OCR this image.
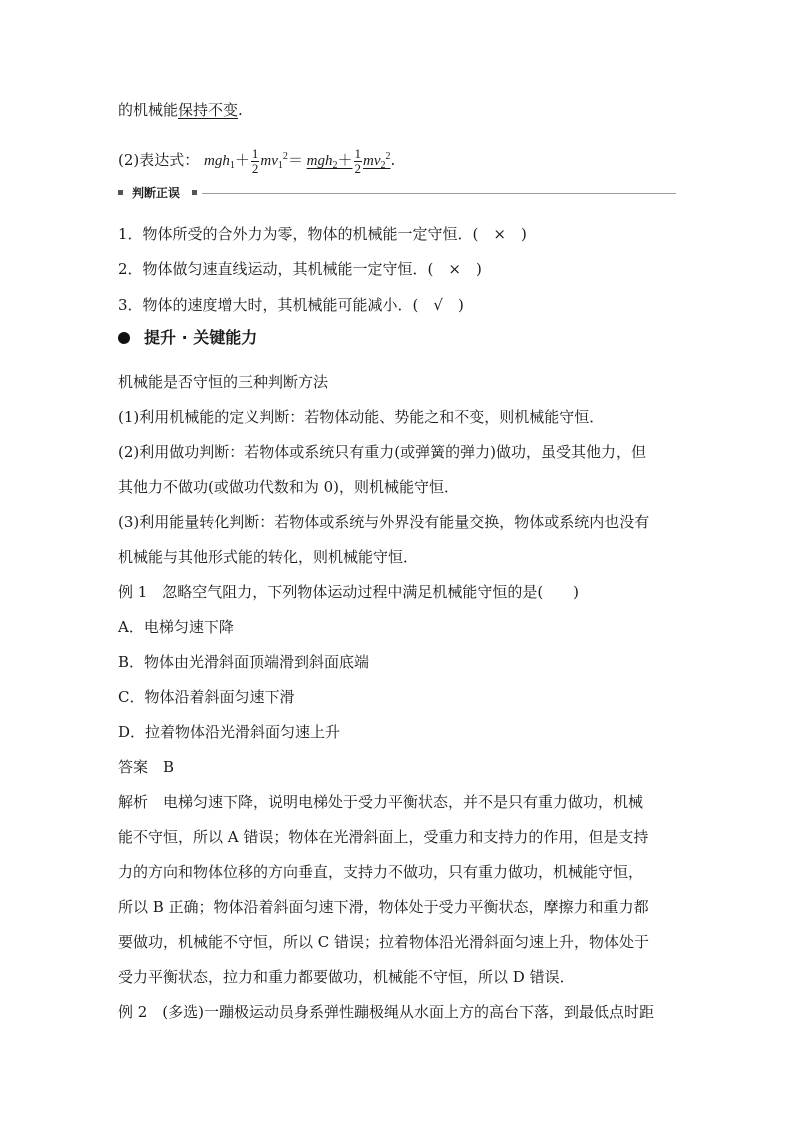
的机械能保持不变.
(2)表达式： $mgh_1+ \frac{1}{2} mv_1^2= mgh_2+ \frac{1}{2} mv_2^2$.
判断正误
1．物体所受的合外力为零，物体的机械能一定守恒．(　×　)
2．物体做匀速直线运动，其机械能一定守恒．(　×　)
3．物体的速度增大时，其机械能可能减小．(　√　)
提升 · 关键能力
机械能是否守恒的三种判断方法
(1)利用机械能的定义判断：若物体动能、势能之和不变，则机械能守恒．
(2)利用做功判断：若物体或系统只有重力(或弹簧的弹力)做功，虽受其他力，但
其他力不做功(或做功代数和为 0)，则机械能守恒．
(3)利用能量转化判断：若物体或系统与外界没有能量交换，物体或系统内也没有
机械能与其他形式能的转化，则机械能守恒．
例 1　忽略空气阻力，下列物体运动过程中满足机械能守恒的是(　　)
A．电梯匀速下降
B．物体由光滑斜面顶端滑到斜面底端
C．物体沿着斜面匀速下滑
D．拉着物体沿光滑斜面匀速上升
答案　B
解析　电梯匀速下降，说明电梯处于受力平衡状态，并不是只有重力做功，机械
能不守恒，所以 A 错误；物体在光滑斜面上，受重力和支持力的作用，但是支持
力的方向和物体位移的方向垂直，支持力不做功，只有重力做功，机械能守恒，
所以 B 正确；物体沿着斜面匀速下滑，物体处于受力平衡状态，摩擦力和重力都
要做功，机械能不守恒，所以 C 错误；拉着物体沿光滑斜面匀速上升，物体处于
受力平衡状态，拉力和重力都要做功，机械能不守恒，所以 D 错误．
例 2　(多选)一蹦极运动员身系弹性蹦极绳从水面上方的高台下落，到最低点时距
